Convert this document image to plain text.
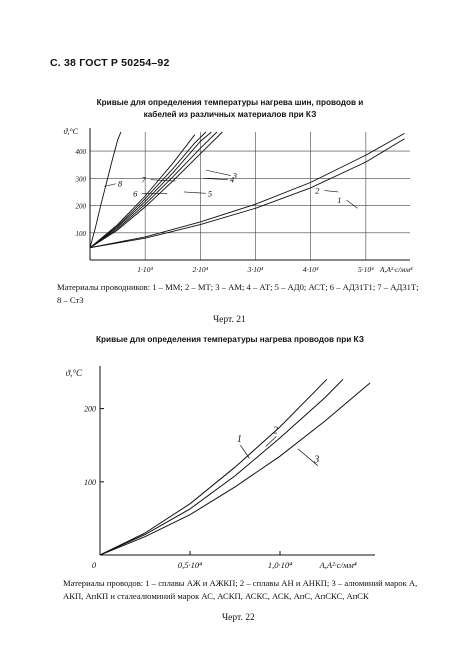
С. 38 ГОСТ Р 50254–92
Кривые для определения температуры нагрева шин, проводов и кабелей из различных материалов при КЗ
100
200
300
400
1·10⁴	2·10⁴	3·10⁴	4·10⁴	5·10⁴
ϑ,°C
A,A²·c/мм⁴
1
2
3
4
5
6
7
8
Материалы проводников: 1 – ММ; 2 – МТ; 3 – АМ; 4 – АТ; 5 – АД0; АСТ; 6 – АД31Т1; 7 – АД31Т; 8 – Ст3
Черт. 21
Кривые для определения температуры нагрева проводов при КЗ
100
200
0	0,5·10⁴	1,0·10⁴
ϑ,°C
A,A²·c/мм⁴
1
2
3
Материалы проводов: 1 – сплавы АЖ и АЖКП; 2 – сплавы АН и АНКП; 3 – алюминий марок А, АКП, АпКП и сталеалюминий марок АС, АСКП, АСКС, АСК, АпС, АпСКС, АпСК
Черт. 22
